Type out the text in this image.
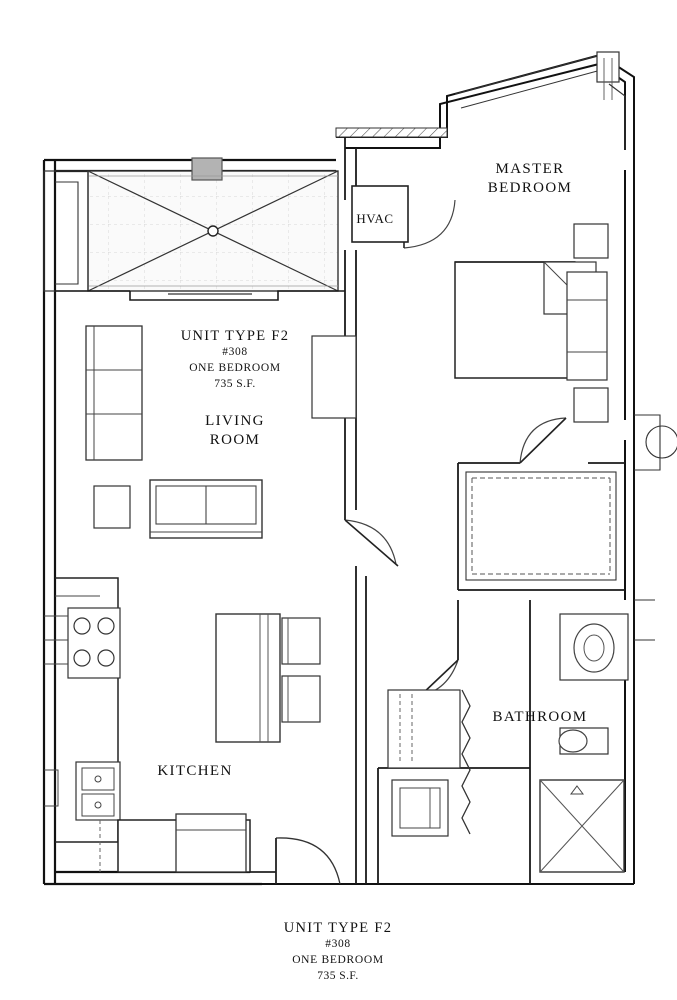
MASTER
BEDROOM
UNIT TYPE F2
#308
ONE BEDROOM
735 S.F.
LIVING
ROOM
KITCHEN
BATHROOM
HVAC
UNIT TYPE F2
#308
ONE BEDROOM
735 S.F.
